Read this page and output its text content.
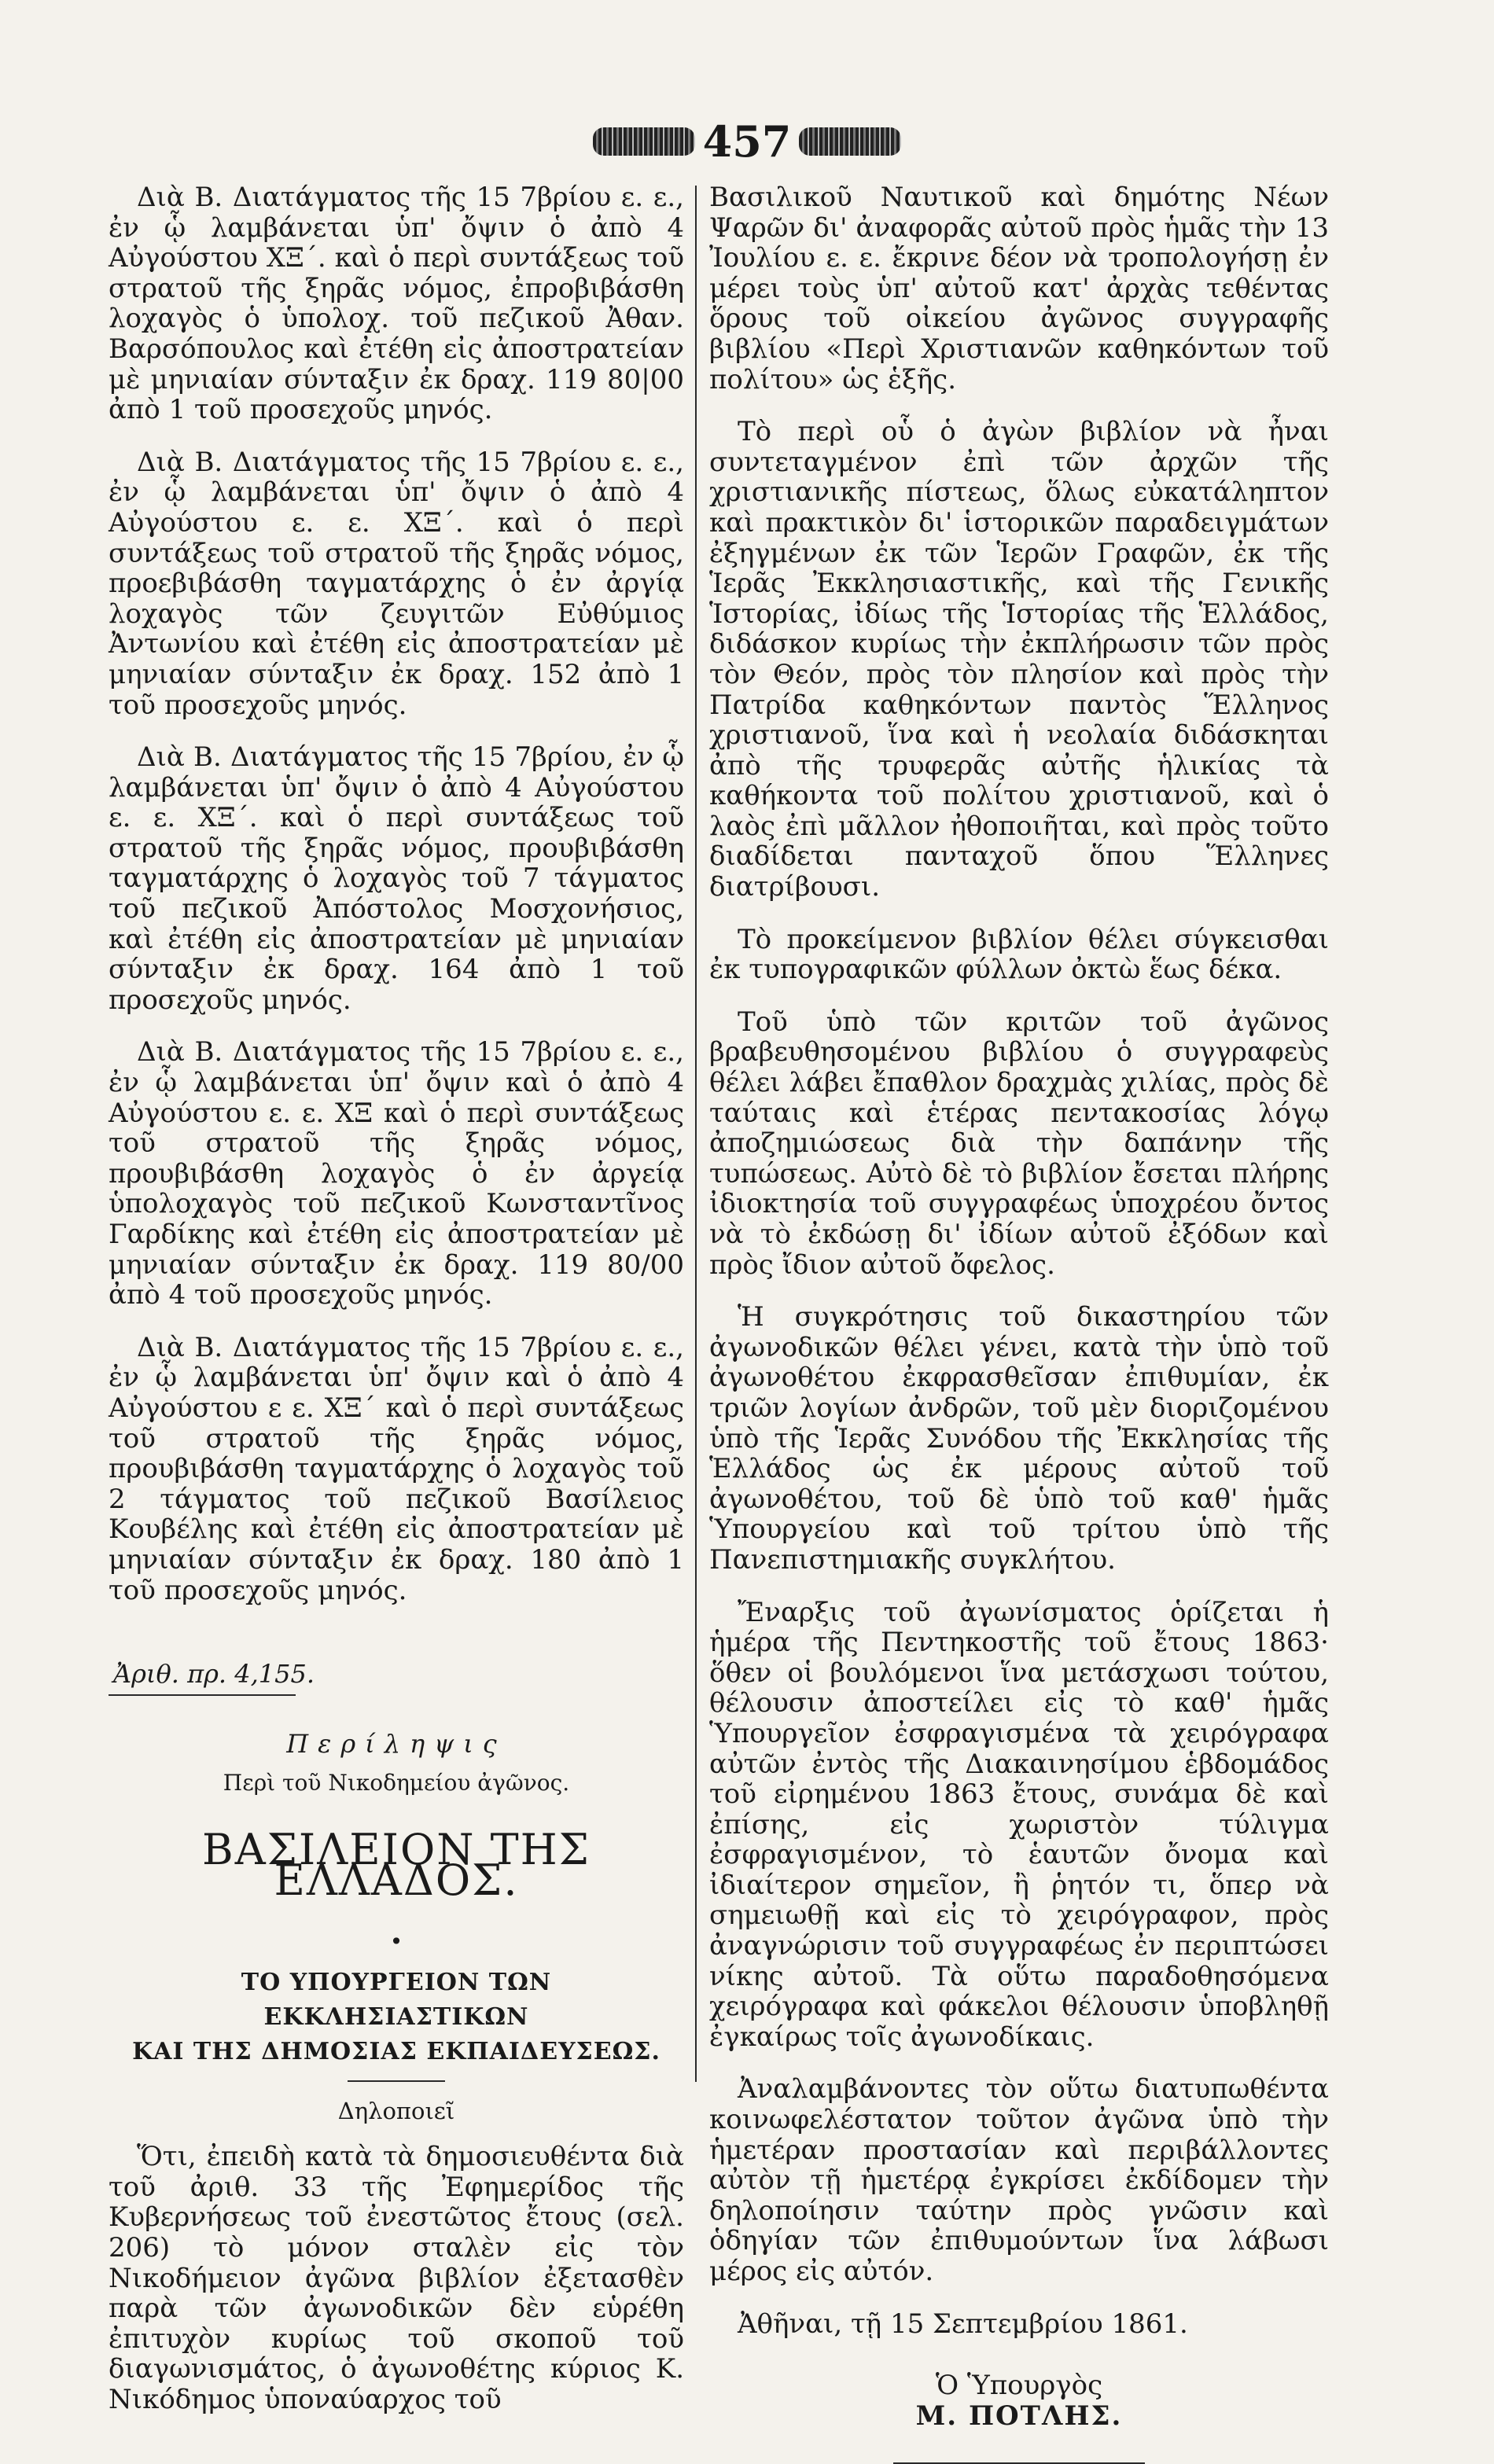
457

Διὰ Β. Διατάγματος τῆς 15 7βρίου ε. ε., ἐν ᾧ λαμβάνεται ὑπ' ὄψιν ὁ ἀπὸ 4 Αὐγούστου ΧΞ΄. καὶ ὁ περὶ συντάξεως τοῦ στρατοῦ τῆς ξηρᾶς νόμος, ἐπροβιβάσθη λοχαγὸς ὁ ὑπολοχ. τοῦ πεζικοῦ Ἀθαν. Βαρσόπουλος καὶ ἐτέθη εἰς ἀποστρατείαν μὲ μηνιαίαν σύνταξιν ἐκ δραχ. 119 80|00 ἀπὸ 1 τοῦ προσεχοῦς μηνός.

Διὰ Β. Διατάγματος τῆς 15 7βρίου ε. ε., ἐν ᾧ λαμβάνεται ὑπ' ὄψιν ὁ ἀπὸ 4 Αὐγούστου ε. ε. ΧΞ΄. καὶ ὁ περὶ συντάξεως τοῦ στρατοῦ τῆς ξηρᾶς νόμος, προεβιβάσθη ταγματάρχης ὁ ἐν ἀργίᾳ λοχαγὸς τῶν ζευγιτῶν Εὐθύμιος Ἀντωνίου καὶ ἐτέθη εἰς ἀποστρατείαν μὲ μηνιαίαν σύνταξιν ἐκ δραχ. 152 ἀπὸ 1 τοῦ προσεχοῦς μηνός.

Διὰ Β. Διατάγματος τῆς 15 7βρίου, ἐν ᾧ λαμβάνεται ὑπ' ὄψιν ὁ ἀπὸ 4 Αὐγούστου ε. ε. ΧΞ΄. καὶ ὁ περὶ συντάξεως τοῦ στρατοῦ τῆς ξηρᾶς νόμος, προυβιβάσθη ταγματάρχης ὁ λοχαγὸς τοῦ 7 τάγματος τοῦ πεζικοῦ Ἀπόστολος Μοσχονήσιος, καὶ ἐτέθη εἰς ἀποστρατείαν μὲ μηνιαίαν σύνταξιν ἐκ δραχ. 164 ἀπὸ 1 τοῦ προσεχοῦς μηνός.

Διὰ Β. Διατάγματος τῆς 15 7βρίου ε. ε., ἐν ᾧ λαμβάνεται ὑπ' ὄψιν καὶ ὁ ἀπὸ 4 Αὐγούστου ε. ε. ΧΞ καὶ ὁ περὶ συντάξεως τοῦ στρατοῦ τῆς ξηρᾶς νόμος, προυβιβάσθη λοχαγὸς ὁ ἐν ἀργείᾳ ὑπολοχαγὸς τοῦ πεζικοῦ Κωνσταντῖνος Γαρδίκης καὶ ἐτέθη εἰς ἀποστρατείαν μὲ μηνιαίαν σύνταξιν ἐκ δραχ. 119 80/00 ἀπὸ 4 τοῦ προσεχοῦς μηνός.

Διὰ Β. Διατάγματος τῆς 15 7βρίου ε. ε., ἐν ᾧ λαμβάνεται ὑπ' ὄψιν καὶ ὁ ἀπὸ 4 Αὐγούστου ε ε. ΧΞ΄ καὶ ὁ περὶ συντάξεως τοῦ στρατοῦ τῆς ξηρᾶς νόμος, προυβιβάσθη ταγματάρχης ὁ λοχαγὸς τοῦ 2 τάγματος τοῦ πεζικοῦ Βασίλειος Κουβέλης καὶ ἐτέθη εἰς ἀποστρατείαν μὲ μηνιαίαν σύνταξιν ἐκ δραχ. 180 ἀπὸ 1 τοῦ προσεχοῦς μηνός.

Ἀριθ. πρ. 4,155.

Περίληψις

Περὶ τοῦ Νικοδημείου ἀγῶνος.

ΒΑΣΙΛΕΙΟΝ ΤΗΣ ΕΛΛΑΔΟΣ.

•

ΤΟ ΥΠΟΥΡΓΕΙΟΝ ΤΩΝ ΕΚΚΛΗΣΙΑΣΤΙΚΩΝ

ΚΑΙ ΤΗΣ ΔΗΜΟΣΙΑΣ ΕΚΠΑΙΔΕΥΣΕΩΣ.

Δηλοποιεῖ

Ὅτι, ἐπειδὴ κατὰ τὰ δημοσιευθέντα διὰ τοῦ ἀριθ. 33 τῆς Ἐφημερίδος τῆς Κυβερνήσεως τοῦ ἐνεστῶτος ἔτους (σελ. 206) τὸ μόνον σταλὲν εἰς τὸν Νικοδήμειον ἀγῶνα βιβλίον ἐξετασθὲν παρὰ τῶν ἀγωνοδικῶν δὲν εὑρέθη ἐπιτυχὸν κυρίως τοῦ σκοποῦ τοῦ διαγωνισμάτος, ὁ ἀγωνοθέτης κύριος Κ. Νικόδημος ὑποναύαρχος τοῦ

Βασιλικοῦ Ναυτικοῦ καὶ δημότης Νέων Ψαρῶν δι' ἀναφορᾶς αὐτοῦ πρὸς ἡμᾶς τὴν 13 Ἰουλίου ε. ε. ἔκρινε δέον νὰ τροπολογήσῃ ἐν μέρει τοὺς ὑπ' αὐτοῦ κατ' ἀρχὰς τεθέντας ὅρους τοῦ οἰκείου ἀγῶνος συγγραφῆς βιβλίου «Περὶ Χριστιανῶν καθηκόντων τοῦ πολίτου» ὡς ἑξῆς.

Τὸ περὶ οὗ ὁ ἀγὼν βιβλίον νὰ ἦναι συντεταγμένον ἐπὶ τῶν ἀρχῶν τῆς χριστιανικῆς πίστεως, ὅλως εὐκατάληπτον καὶ πρακτικὸν δι' ἱστορικῶν παραδειγμάτων ἐξηγμένων ἐκ τῶν Ἱερῶν Γραφῶν, ἐκ τῆς Ἱερᾶς Ἐκκλησιαστικῆς, καὶ τῆς Γενικῆς Ἱστορίας, ἰδίως τῆς Ἱστορίας τῆς Ἑλλάδος, διδάσκον κυρίως τὴν ἐκπλήρωσιν τῶν πρὸς τὸν Θεόν, πρὸς τὸν πλησίον καὶ πρὸς τὴν Πατρίδα καθηκόντων παντὸς Ἕλληνος χριστιανοῦ, ἵνα καὶ ἡ νεολαία διδάσκηται ἀπὸ τῆς τρυφερᾶς αὐτῆς ἡλικίας τὰ καθήκοντα τοῦ πολίτου χριστιανοῦ, καὶ ὁ λαὸς ἐπὶ μᾶλλον ἠθοποιῆται, καὶ πρὸς τοῦτο διαδίδεται πανταχοῦ ὅπου Ἕλληνες διατρίβουσι.

Τὸ προκείμενον βιβλίον θέλει σύγκεισθαι ἐκ τυπογραφικῶν φύλλων ὀκτὼ ἕως δέκα.

Τοῦ ὑπὸ τῶν κριτῶν τοῦ ἀγῶνος βραβευθησομένου βιβλίου ὁ συγγραφεὺς θέλει λάβει ἔπαθλον δραχμὰς χιλίας, πρὸς δὲ ταύταις καὶ ἑτέρας πεντακοσίας λόγῳ ἀποζημιώσεως διὰ τὴν δαπάνην τῆς τυπώσεως. Αὐτὸ δὲ τὸ βιβλίον ἔσεται πλήρης ἰδιοκτησία τοῦ συγγραφέως ὑποχρέου ὄντος νὰ τὸ ἐκδώσῃ δι' ἰδίων αὐτοῦ ἐξόδων καὶ πρὸς ἴδιον αὐτοῦ ὄφελος.

Ἡ συγκρότησις τοῦ δικαστηρίου τῶν ἀγωνοδικῶν θέλει γένει, κατὰ τὴν ὑπὸ τοῦ ἀγωνοθέτου ἐκφρασθεῖσαν ἐπιθυμίαν, ἐκ τριῶν λογίων ἀνδρῶν, τοῦ μὲν διοριζομένου ὑπὸ τῆς Ἱερᾶς Συνόδου τῆς Ἐκκλησίας τῆς Ἑλλάδος ὡς ἐκ μέρους αὐτοῦ τοῦ ἀγωνοθέτου, τοῦ δὲ ὑπὸ τοῦ καθ' ἡμᾶς Ὑπουργείου καὶ τοῦ τρίτου ὑπὸ τῆς Πανεπιστημιακῆς συγκλήτου.

Ἔναρξις τοῦ ἀγωνίσματος ὁρίζεται ἡ ἡμέρα τῆς Πεντηκοστῆς τοῦ ἔτους 1863· ὅθεν οἱ βουλόμενοι ἵνα μετάσχωσι τούτου, θέλουσιν ἀποστείλει εἰς τὸ καθ' ἡμᾶς Ὑπουργεῖον ἐσφραγισμένα τὰ χειρόγραφα αὐτῶν ἐντὸς τῆς Διακαινησίμου ἑβδομάδος τοῦ εἰρημένου 1863 ἔτους, συνάμα δὲ καὶ ἐπίσης, εἰς χωριστὸν τύλιγμα ἐσφραγισμένον, τὸ ἑαυτῶν ὄνομα καὶ ἰδιαίτερον σημεῖον, ἢ ῥητόν τι, ὅπερ νὰ σημειωθῇ καὶ εἰς τὸ χειρόγραφον, πρὸς ἀναγνώρισιν τοῦ συγγραφέως ἐν περιπτώσει νίκης αὐτοῦ. Τὰ οὕτω παραδοθησόμενα χειρόγραφα καὶ φάκελοι θέλουσιν ὑποβληθῇ ἐγκαίρως τοῖς ἀγωνοδίκαις.

Ἀναλαμβάνοντες τὸν οὕτω διατυπωθέντα κοινωφελέστατον τοῦτον ἀγῶνα ὑπὸ τὴν ἡμετέραν προστασίαν καὶ περιβάλλοντες αὐτὸν τῇ ἡμετέρᾳ ἐγκρίσει ἐκδίδομεν τὴν δηλοποίησιν ταύτην πρὸς γνῶσιν καὶ ὁδηγίαν τῶν ἐπιθυμούντων ἵνα λάβωσι μέρος εἰς αὐτόν.

Ἀθῆναι, τῇ 15 Σεπτεμβρίου 1861.

Ὁ Ὑπουργὸς

Μ. ΠΟΤΛΗΣ.
